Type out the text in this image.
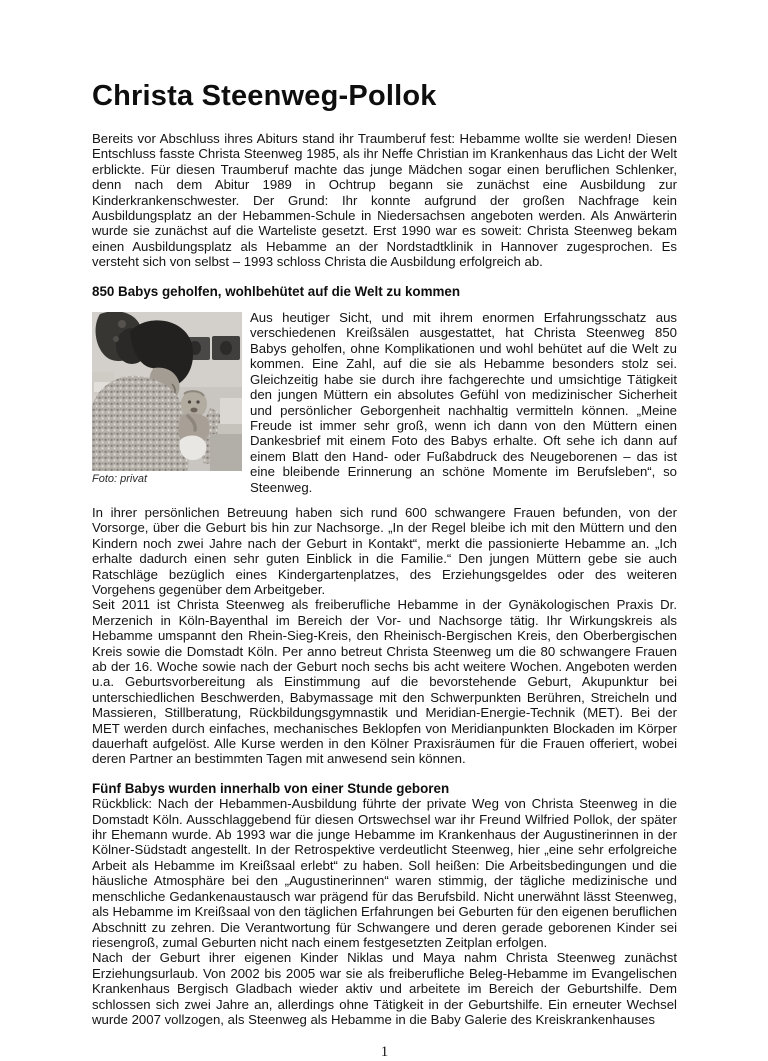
Christa Steenweg-Pollok

Bereits vor Abschluss ihres Abiturs stand ihr Traumberuf fest: Hebamme wollte sie werden! Diesen Entschluss fasste Christa Steenweg 1985, als ihr Neffe Christian im Krankenhaus das Licht der Welt erblickte. Für diesen Traumberuf machte das junge Mädchen sogar einen beruflichen Schlenker, denn nach dem Abitur 1989 in Ochtrup begann sie zunächst eine Ausbildung zur Kinderkrankenschwester. Der Grund: Ihr konnte aufgrund der großen Nachfrage kein Ausbildungsplatz an der Hebammen-Schule in Niedersachsen angeboten werden. Als Anwärterin wurde sie zunächst auf die Warteliste gesetzt. Erst 1990 war es soweit: Christa Steenweg bekam einen Ausbildungsplatz als Hebamme an der Nordstadtklinik in Hannover zugesprochen. Es versteht sich von selbst – 1993 schloss Christa die Ausbildung erfolgreich ab.

850 Babys geholfen, wohlbehütet auf die Welt zu kommen
Foto: privat

Aus heutiger Sicht, und mit ihrem enormen Erfahrungsschatz aus verschiedenen Kreißsälen ausgestattet, hat Christa Steenweg 850 Babys geholfen, ohne Komplikationen und wohl behütet auf die Welt zu kommen. Eine Zahl, auf die sie als Hebamme besonders stolz sei. Gleichzeitig habe sie durch ihre fachgerechte und umsichtige Tätigkeit den jungen Müttern ein absolutes Gefühl von medizinischer Sicherheit und persönlicher Geborgenheit nachhaltig vermitteln können. „Meine Freude ist immer sehr groß, wenn ich dann von den Müttern einen Dankesbrief mit einem Foto des Babys erhalte. Oft sehe ich dann auf einem Blatt den Hand- oder Fußabdruck des Neugeborenen – das ist eine bleibende Erinnerung an schöne Momente im Berufsleben“, so Steenweg.

In ihrer persönlichen Betreuung haben sich rund 600 schwangere Frauen befunden, von der Vorsorge, über die Geburt bis hin zur Nachsorge. „In der Regel bleibe ich mit den Müttern und den Kindern noch zwei Jahre nach der Geburt in Kontakt“, merkt die passionierte Hebamme an. „Ich erhalte dadurch einen sehr guten Einblick in die Familie.“ Den jungen Müttern gebe sie auch Ratschläge bezüglich eines Kindergartenplatzes, des Erziehungsgeldes oder des weiteren Vorgehens gegenüber dem Arbeitgeber.

Seit 2011 ist Christa Steenweg als freiberufliche Hebamme in der Gynäkologischen Praxis Dr. Merzenich in Köln-Bayenthal im Bereich der Vor- und Nachsorge tätig. Ihr Wirkungskreis als Hebamme umspannt den Rhein-Sieg-Kreis, den Rheinisch-Bergischen Kreis, den Oberbergischen Kreis sowie die Domstadt Köln. Per anno betreut Christa Steenweg um die 80 schwangere Frauen ab der 16. Woche sowie nach der Geburt noch sechs bis acht weitere Wochen. Angeboten werden u.a. Geburtsvorbereitung als Einstimmung auf die bevorstehende Geburt, Akupunktur bei unterschiedlichen Beschwerden, Babymassage mit den Schwerpunkten Berühren, Streicheln und Massieren, Stillberatung, Rückbildungsgymnastik und Meridian-Energie-Technik (MET). Bei der MET werden durch einfaches, mechanisches Beklopfen von Meridianpunkten Blockaden im Körper dauerhaft aufgelöst. Alle Kurse werden in den Kölner Praxisräumen für die Frauen offeriert, wobei deren Partner an bestimmten Tagen mit anwesend sein können.

Fünf Babys wurden innerhalb von einer Stunde geboren

Rückblick: Nach der Hebammen-Ausbildung führte der private Weg von Christa Steenweg in die Domstadt Köln. Ausschlaggebend für diesen Ortswechsel war ihr Freund Wilfried Pollok, der später ihr Ehemann wurde. Ab 1993 war die junge Hebamme im Krankenhaus der Augustinerinnen in der Kölner-Südstadt angestellt. In der Retrospektive verdeutlicht Steenweg, hier „eine sehr erfolgreiche Arbeit als Hebamme im Kreißsaal erlebt“ zu haben. Soll heißen: Die Arbeitsbedingungen und die häusliche Atmosphäre bei den „Augustinerinnen“ waren stimmig, der tägliche medizinische und menschliche Gedankenaustausch war prägend für das Berufsbild. Nicht unerwähnt lässt Steenweg, als Hebamme im Kreißsaal von den täglichen Erfahrungen bei Geburten für den eigenen beruflichen Abschnitt zu zehren. Die Verantwortung für Schwangere und deren gerade geborenen Kinder sei riesengroß, zumal Geburten nicht nach einem festgesetzten Zeitplan erfolgen.

Nach der Geburt ihrer eigenen Kinder Niklas und Maya nahm Christa Steenweg zunächst Erziehungsurlaub. Von 2002 bis 2005 war sie als freiberufliche Beleg-Hebamme im Evangelischen Krankenhaus Bergisch Gladbach wieder aktiv und arbeitete im Bereich der Geburtshilfe. Dem schlossen sich zwei Jahre an, allerdings ohne Tätigkeit in der Geburtshilfe. Ein erneuter Wechsel wurde 2007 vollzogen, als Steenweg als Hebamme in die Baby Galerie des Kreiskrankenhauses

1
